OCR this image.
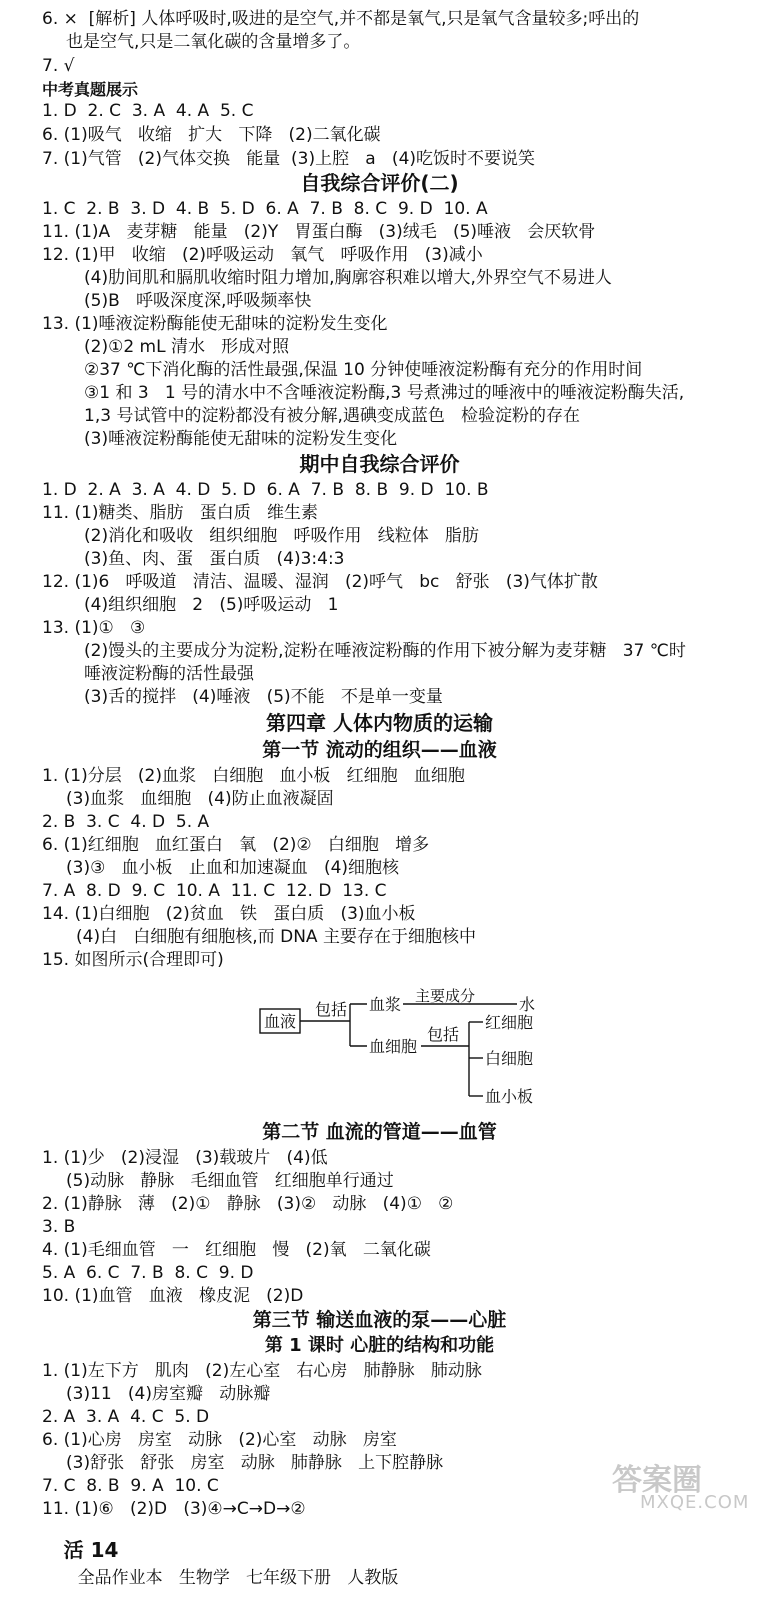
6. ×  [解析] 人体呼吸时,吸进的是空气,并不都是氧气,只是氧气含量较多;呼出的
也是空气,只是二氧化碳的含量增多了。
7. √
中考真题展示
1. D  2. C  3. A  4. A  5. C
6. (1)吸气   收缩   扩大   下降   (2)二氧化碳
7. (1)气管   (2)气体交换   能量  (3)上腔   a   (4)吃饭时不要说笑
自我综合评价(二)
1. C  2. B  3. D  4. B  5. D  6. A  7. B  8. C  9. D  10. A
11. (1)A   麦芽糖   能量   (2)Y   胃蛋白酶   (3)绒毛   (5)唾液   会厌软骨
12. (1)甲   收缩   (2)呼吸运动   氧气   呼吸作用   (3)减小
(4)肋间肌和膈肌收缩时阻力增加,胸廓容积难以增大,外界空气不易进人
(5)B   呼吸深度深,呼吸频率快
13. (1)唾液淀粉酶能使无甜味的淀粉发生变化
(2)①2 mL 清水   形成对照
②37 ℃下消化酶的活性最强,保温 10 分钟使唾液淀粉酶有充分的作用时间
③1 和 3   1 号的清水中不含唾液淀粉酶,3 号煮沸过的唾液中的唾液淀粉酶失活,
1,3 号试管中的淀粉都没有被分解,遇碘变成蓝色   检验淀粉的存在
(3)唾液淀粉酶能使无甜味的淀粉发生变化
期中自我综合评价
1. D  2. A  3. A  4. D  5. D  6. A  7. B  8. B  9. D  10. B
11. (1)糖类、脂肪   蛋白质   维生素
(2)消化和吸收   组织细胞   呼吸作用   线粒体   脂肪
(3)鱼、肉、蛋   蛋白质   (4)3:4:3
12. (1)6   呼吸道   清洁、温暖、湿润   (2)呼气   bc   舒张   (3)气体扩散
(4)组织细胞   2   (5)呼吸运动   1
13. (1)①   ③
(2)馒头的主要成分为淀粉,淀粉在唾液淀粉酶的作用下被分解为麦芽糖   37 ℃时
唾液淀粉酶的活性最强
(3)舌的搅拌   (4)唾液   (5)不能   不是单一变量
第四章 人体内物质的运输
第一节 流动的组织——血液
1. (1)分层   (2)血浆   白细胞   血小板   红细胞   血细胞
(3)血浆   血细胞   (4)防止血液凝固
2. B  3. C  4. D  5. A
6. (1)红细胞   血红蛋白   氧   (2)②   白细胞   增多
(3)③   血小板   止血和加速凝血   (4)细胞核
7. A  8. D  9. C  10. A  11. C  12. D  13. C
14. (1)白细胞   (2)贫血   铁   蛋白质   (3)血小板
(4)白   白细胞有细胞核,而 DNA 主要存在于细胞核中
15. 如图所示(合理即可)
血液
包括 血浆 主要成分	水
血细胞
包括
红细胞
白细胞
血小板
第二节 血流的管道——血管
1. (1)少   (2)浸湿   (3)载玻片   (4)低
(5)动脉   静脉   毛细血管   红细胞单行通过
2. (1)静脉   薄   (2)①   静脉   (3)②   动脉   (4)①   ②
3. B
4. (1)毛细血管   一   红细胞   慢   (2)氧   二氧化碳
5. A  6. C  7. B  8. C  9. D
10. (1)血管   血液   橡皮泥   (2)D
第三节 输送血液的泵——心脏
第 1 课时 心脏的结构和功能
1. (1)左下方   肌肉   (2)左心室   右心房   肺静脉   肺动脉
(3)11   (4)房室瓣   动脉瓣
2. A  3. A  4. C  5. D
6. (1)心房   房室   动脉   (2)心室   动脉   房室
(3)舒张   舒张   房室   动脉   肺静脉   上下腔静脉
7. C  8. B  9. A  10. C
11. (1)⑥   (2)D   (3)④→C→D→②
答案圈
MXQE.COM

活 14
全品作业本   生物学   七年级下册   人教版
